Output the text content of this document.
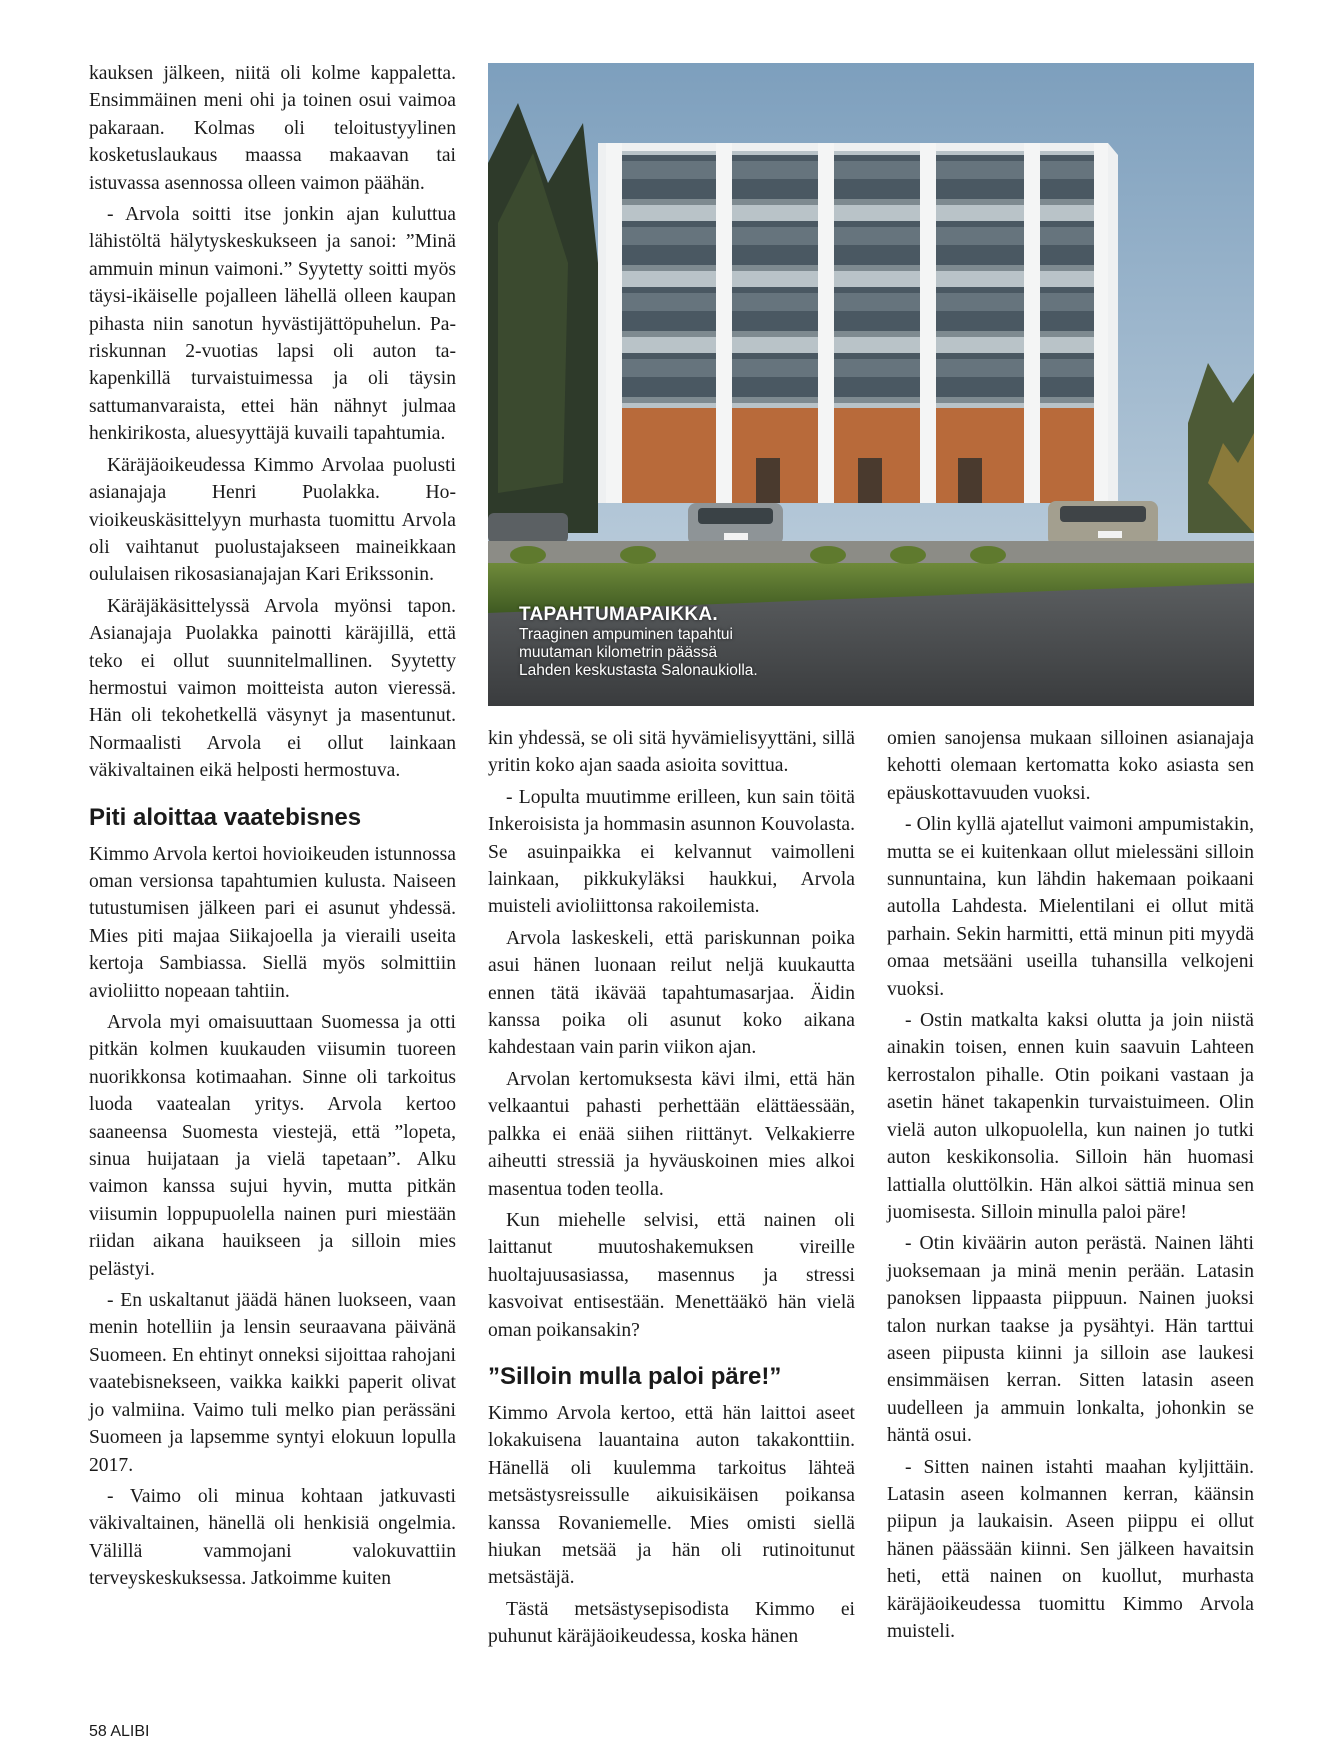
TAPAHTUMAPAIKKA.
Traaginen ampuminen tapahtui
muutaman kilometrin päässä
Lahden keskustasta Salonaukiolla.

kauksen jälkeen, niitä oli kolme kappaletta. Ensimmäinen meni ohi ja toinen osui vaimoa pakaraan. Kolmas oli teloitustyylinen kosketuslaukaus maassa makaavan tai istuvassa asennossa olleen vaimon päähän.

- Arvola soitti itse jonkin ajan kuluttua lähistöltä hälytyskeskukseen ja sanoi: ”Minä ammuin minun vaimoni.” Syytetty soitti myös täysi-ikäiselle pojalleen lähellä olleen kaupan pihasta niin sanotun hyvästijättöpuhelun. Pariskunnan 2-vuotias lapsi oli auton takapenkillä turvaistuimessa ja oli täysin sattumanvaraista, ettei hän nähnyt julmaa henkirikosta, aluesyyttäjä kuvaili tapahtumia.

Käräjäoikeudessa Kimmo Arvolaa puolusti asianajaja Henri Puolakka. Hovioikeuskäsittelyyn murhasta tuomittu Arvola oli vaihtanut puolustajakseen maineikkaan oululaisen rikosasianajajan Kari Erikssonin.

Käräjäkäsittelyssä Arvola myönsi tapon. Asianajaja Puolakka painotti käräjillä, että teko ei ollut suunnitelmallinen. Syytetty hermostui vaimon moitteista auton vieressä. Hän oli tekohetkellä väsynyt ja masentunut. Normaalisti Arvola ei ollut lainkaan väkivaltainen eikä helposti hermostuva.

Piti aloittaa vaatebisnes

Kimmo Arvola kertoi hovioikeuden istunnossa oman versionsa tapahtumien kulusta. Naiseen tutustumisen jälkeen pari ei asunut yhdessä. Mies piti majaa Siikajoella ja vieraili useita kertoja Sambiassa. Siellä myös solmittiin avioliitto nopeaan tahtiin.

Arvola myi omaisuuttaan Suomessa ja otti pitkän kolmen kuukauden viisumin tuoreen nuorikkonsa kotimaahan. Sinne oli tarkoitus luoda vaatealan yritys. Arvola kertoo saaneensa Suomesta viestejä, että ”lopeta, sinua huijataan ja vielä tapetaan”. Alku vaimon kanssa sujui hyvin, mutta pitkän viisumin loppupuolella nainen puri miestään riidan aikana hauikseen ja silloin mies pelästyi.

- En uskaltanut jäädä hänen luokseen, vaan menin hotelliin ja lensin seuraavana päivänä Suomeen. En ehtinyt onneksi sijoittaa rahojani vaatebisnekseen, vaikka kaikki paperit olivat jo valmiina. Vaimo tuli melko pian perässäni Suomeen ja lapsemme syntyi elokuun lopulla 2017.

- Vaimo oli minua kohtaan jatkuvasti väkivaltainen, hänellä oli henkisiä ongelmia. Välillä vammojani valokuvattiin terveyskeskuksessa. Jatkoimme kuiten

kin yhdessä, se oli sitä hyvämielisyyttäni, sillä yritin koko ajan saada asioita sovittua.

- Lopulta muutimme erilleen, kun sain töitä Inkeroisista ja hommasin asunnon Kouvolasta. Se asuinpaikka ei kelvannut vaimolleni lainkaan, pikkukyläksi haukkui, Arvola muisteli avioliittonsa rakoilemista.

Arvola laskeskeli, että pariskunnan poika asui hänen luonaan reilut neljä kuukautta ennen tätä ikävää tapahtumasarjaa. Äidin kanssa poika oli asunut koko aikana kahdestaan vain parin viikon ajan.

Arvolan kertomuksesta kävi ilmi, että hän velkaantui pahasti perhettään elättäessään, palkka ei enää siihen riittänyt. Velkakierre aiheutti stressiä ja hyväuskoinen mies alkoi masentua toden teolla.

Kun miehelle selvisi, että nainen oli laittanut muutoshakemuksen vireille huoltajuusasiassa, masennus ja stressi kasvoivat entisestään. Menettääkö hän vielä oman poikansakin?

”Silloin mulla paloi päre!”

Kimmo Arvola kertoo, että hän laittoi aseet lokakuisena lauantaina auton takakonttiin. Hänellä oli kuulemma tarkoitus lähteä metsästysreissulle aikuisikäisen poikansa kanssa Rovaniemelle. Mies omisti siellä hiukan metsää ja hän oli rutinoitunut metsästäjä.

Tästä metsästysepisodista Kimmo ei puhunut käräjäoikeudessa, koska hänen

omien sanojensa mukaan silloinen asianajaja kehotti olemaan kertomatta koko asiasta sen epäuskottavuuden vuoksi.

- Olin kyllä ajatellut vaimoni ampumistakin, mutta se ei kuitenkaan ollut mielessäni silloin sunnuntaina, kun lähdin hakemaan poikaani autolla Lahdesta. Mielentilani ei ollut mitä parhain. Sekin harmitti, että minun piti myydä omaa metsääni useilla tuhansilla velkojeni vuoksi.

- Ostin matkalta kaksi olutta ja join niistä ainakin toisen, ennen kuin saavuin Lahteen kerrostalon pihalle. Otin poikani vastaan ja asetin hänet takapenkin turvaistuimeen. Olin vielä auton ulkopuolella, kun nainen jo tutki auton keskikonsolia. Silloin hän huomasi lattialla oluttölkin. Hän alkoi sättiä minua sen juomisesta. Silloin minulla paloi päre!

- Otin kiväärin auton perästä. Nainen lähti juoksemaan ja minä menin perään. Latasin panoksen lippaasta piippuun. Nainen juoksi talon nurkan taakse ja pysähtyi. Hän tarttui aseen piipusta kiinni ja silloin ase laukesi ensimmäisen kerran. Sitten latasin aseen uudelleen ja ammuin lonkalta, johonkin se häntä osui.

- Sitten nainen istahti maahan kyljittäin. Latasin aseen kolmannen kerran, käänsin piipun ja laukaisin. Aseen piippu ei ollut hänen päässään kiinni. Sen jälkeen havaitsin heti, että nainen on kuollut, murhasta käräjäoikeudessa tuomittu Kimmo Arvola muisteli.

58 ALIBI
